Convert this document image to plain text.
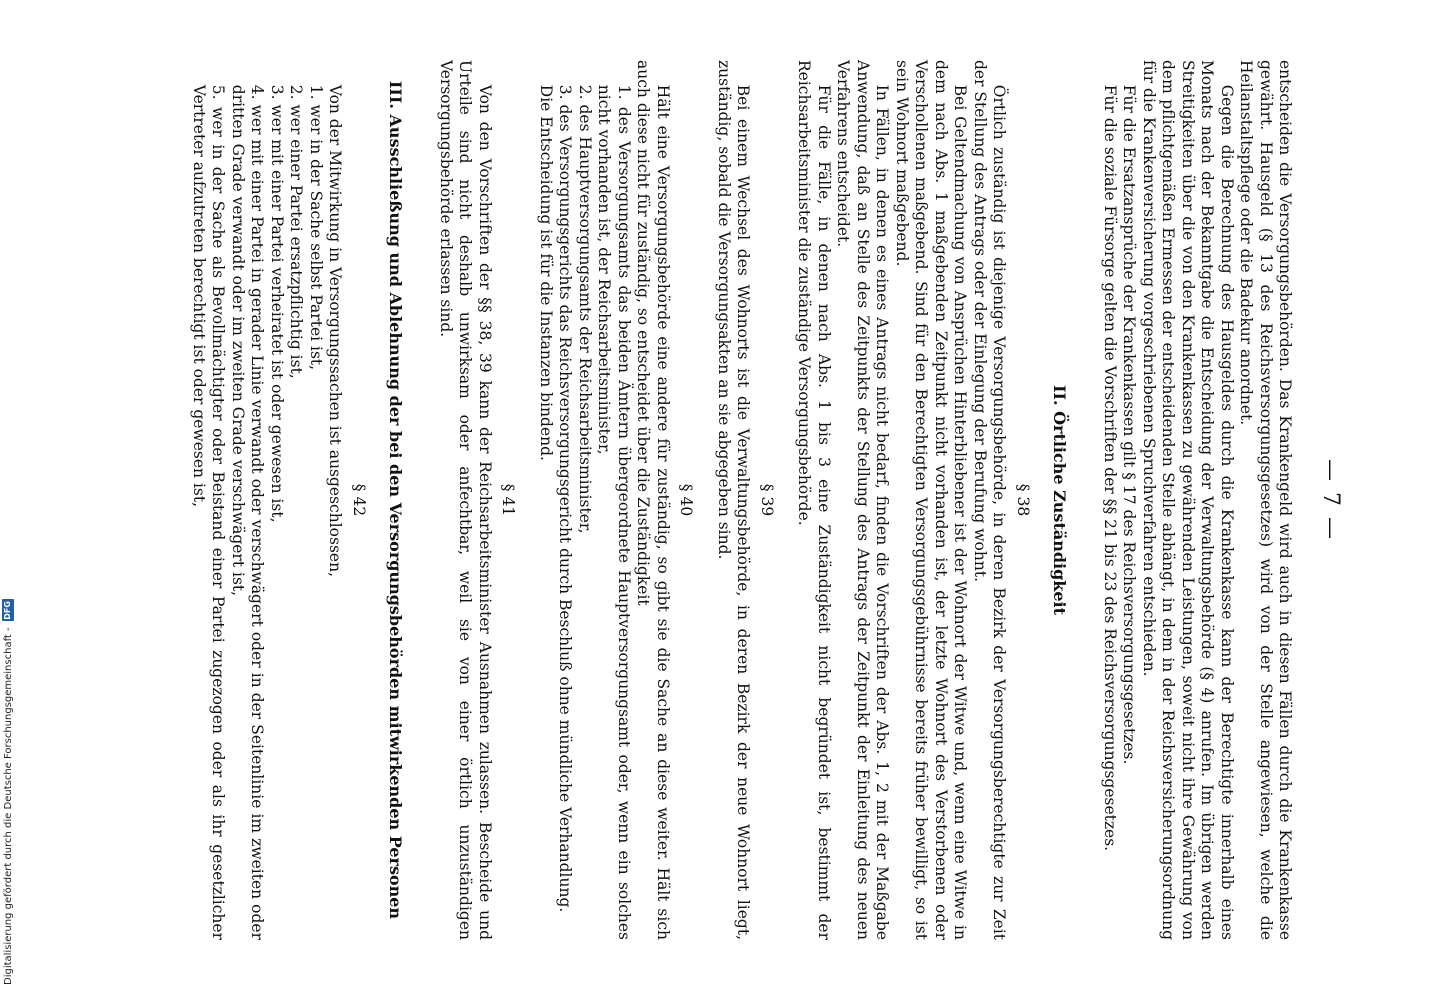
— 7 —

entscheiden die Versorgungsbehörden. Das Krankengeld wird auch in diesen Fällen durch die Krankenkasse gewährt. Hausgeld (§ 13 des Reichsversorgungsgesetzes) wird von der Stelle angewiesen, welche die Heilanstaltspflege oder die Badekur anordnet.

Gegen die Berechnung des Hausgeldes durch die Krankenkasse kann der Berechtigte innerhalb eines Monats nach der Bekanntgabe die Entscheidung der Verwaltungsbehörde (§ 4) anrufen. Im übrigen werden Streitigkeiten über die von den Krankenkassen zu gewährenden Leistungen, soweit nicht ihre Gewährung von dem pflichtgemäßen Ermessen der entscheidenden Stelle abhängt, in dem in der Reichsversicherungsordnung für die Krankenversicherung vorgeschriebenen Spruchverfahren entschieden.

Für die Ersatzansprüche der Krankenkassen gilt § 17 des Reichsversorgungsgesetzes.

Für die soziale Fürsorge gelten die Vorschriften der §§ 21 bis 23 des Reichsversorgungsgesetzes.

II. Örtliche Zuständigkeit
§ 38

Örtlich zuständig ist diejenige Versorgungsbehörde, in deren Bezirk der Versorgungsberechtigte zur Zeit der Stellung des Antrags oder der Einlegung der Berufung wohnt.

Bei Geltendmachung von Ansprüchen Hinterbliebener ist der Wohnort der Witwe und, wenn eine Witwe in dem nach Abs. 1 maßgebenden Zeitpunkt nicht vorhanden ist, der letzte Wohnort des Verstorbenen oder Verschollenen maßgebend. Sind für den Berechtigten Versorgungsgebührnisse bereits früher bewilligt, so ist sein Wohnort maßgebend.

In Fällen, in denen es eines Antrags nicht bedarf, finden die Vorschriften der Abs. 1, 2 mit der Maßgabe Anwendung, daß an Stelle des Zeitpunkts der Stellung des Antrags der Zeitpunkt der Einleitung des neuen Verfahrens entscheidet.

Für die Fälle, in denen nach Abs. 1 bis 3 eine Zuständigkeit nicht begründet ist, bestimmt der Reichsarbeitsminister die zuständige Versorgungsbehörde.

§ 39

Bei einem Wechsel des Wohnorts ist die Verwaltungsbehörde, in deren Bezirk der neue Wohnort liegt, zuständig, sobald die Versorgungsakten an sie abgegeben sind.

§ 40

Hält eine Versorgungsbehörde eine andere für zuständig, so gibt sie die Sache an diese weiter. Hält sich auch diese nicht für zuständig, so entscheidet über die Zuständigkeit

1. des Versorgungsamts das beiden Ämtern übergeordnete Hauptversorgungsamt oder, wenn ein solches nicht vorhanden ist, der Reichsarbeitsminister,

2. des Hauptversorgungsamts der Reichsarbeitsminister,

3. des Versorgungsgerichts das Reichsversorgungsgericht durch Beschluß ohne mündliche Verhandlung.

Die Entscheidung ist für die Instanzen bindend.

§ 41

Von den Vorschriften der §§ 38, 39 kann der Reichsarbeitsminister Ausnahmen zulassen. Bescheide und Urteile sind nicht deshalb unwirksam oder anfechtbar, weil sie von einer örtlich unzuständigen Versorgungsbehörde erlassen sind.

III. Ausschließung und Ablehnung der bei den Versorgungsbehörden mitwirkenden Personen
§ 42

Von der Mitwirkung in Versorgungssachen ist ausgeschlossen,

1. wer in der Sache selbst Partei ist,

2. wer einer Partei ersatzpflichtig ist,

3. wer mit einer Partei verheiratet ist oder gewesen ist,

4. wer mit einer Partei in gerader Linie verwandt oder verschwägert oder in der Seitenlinie im zweiten oder dritten Grade verwandt oder im zweiten Grade verschwägert ist,

5. wer in der Sache als Bevollmächtigter oder Beistand einer Partei zugezogen oder als ihr gesetzlicher Vertreter aufzutreten berechtigt ist oder gewesen ist,

Digitalisierung gefördert durch die Deutsche Forschungsgemeinschaft -
DFG
